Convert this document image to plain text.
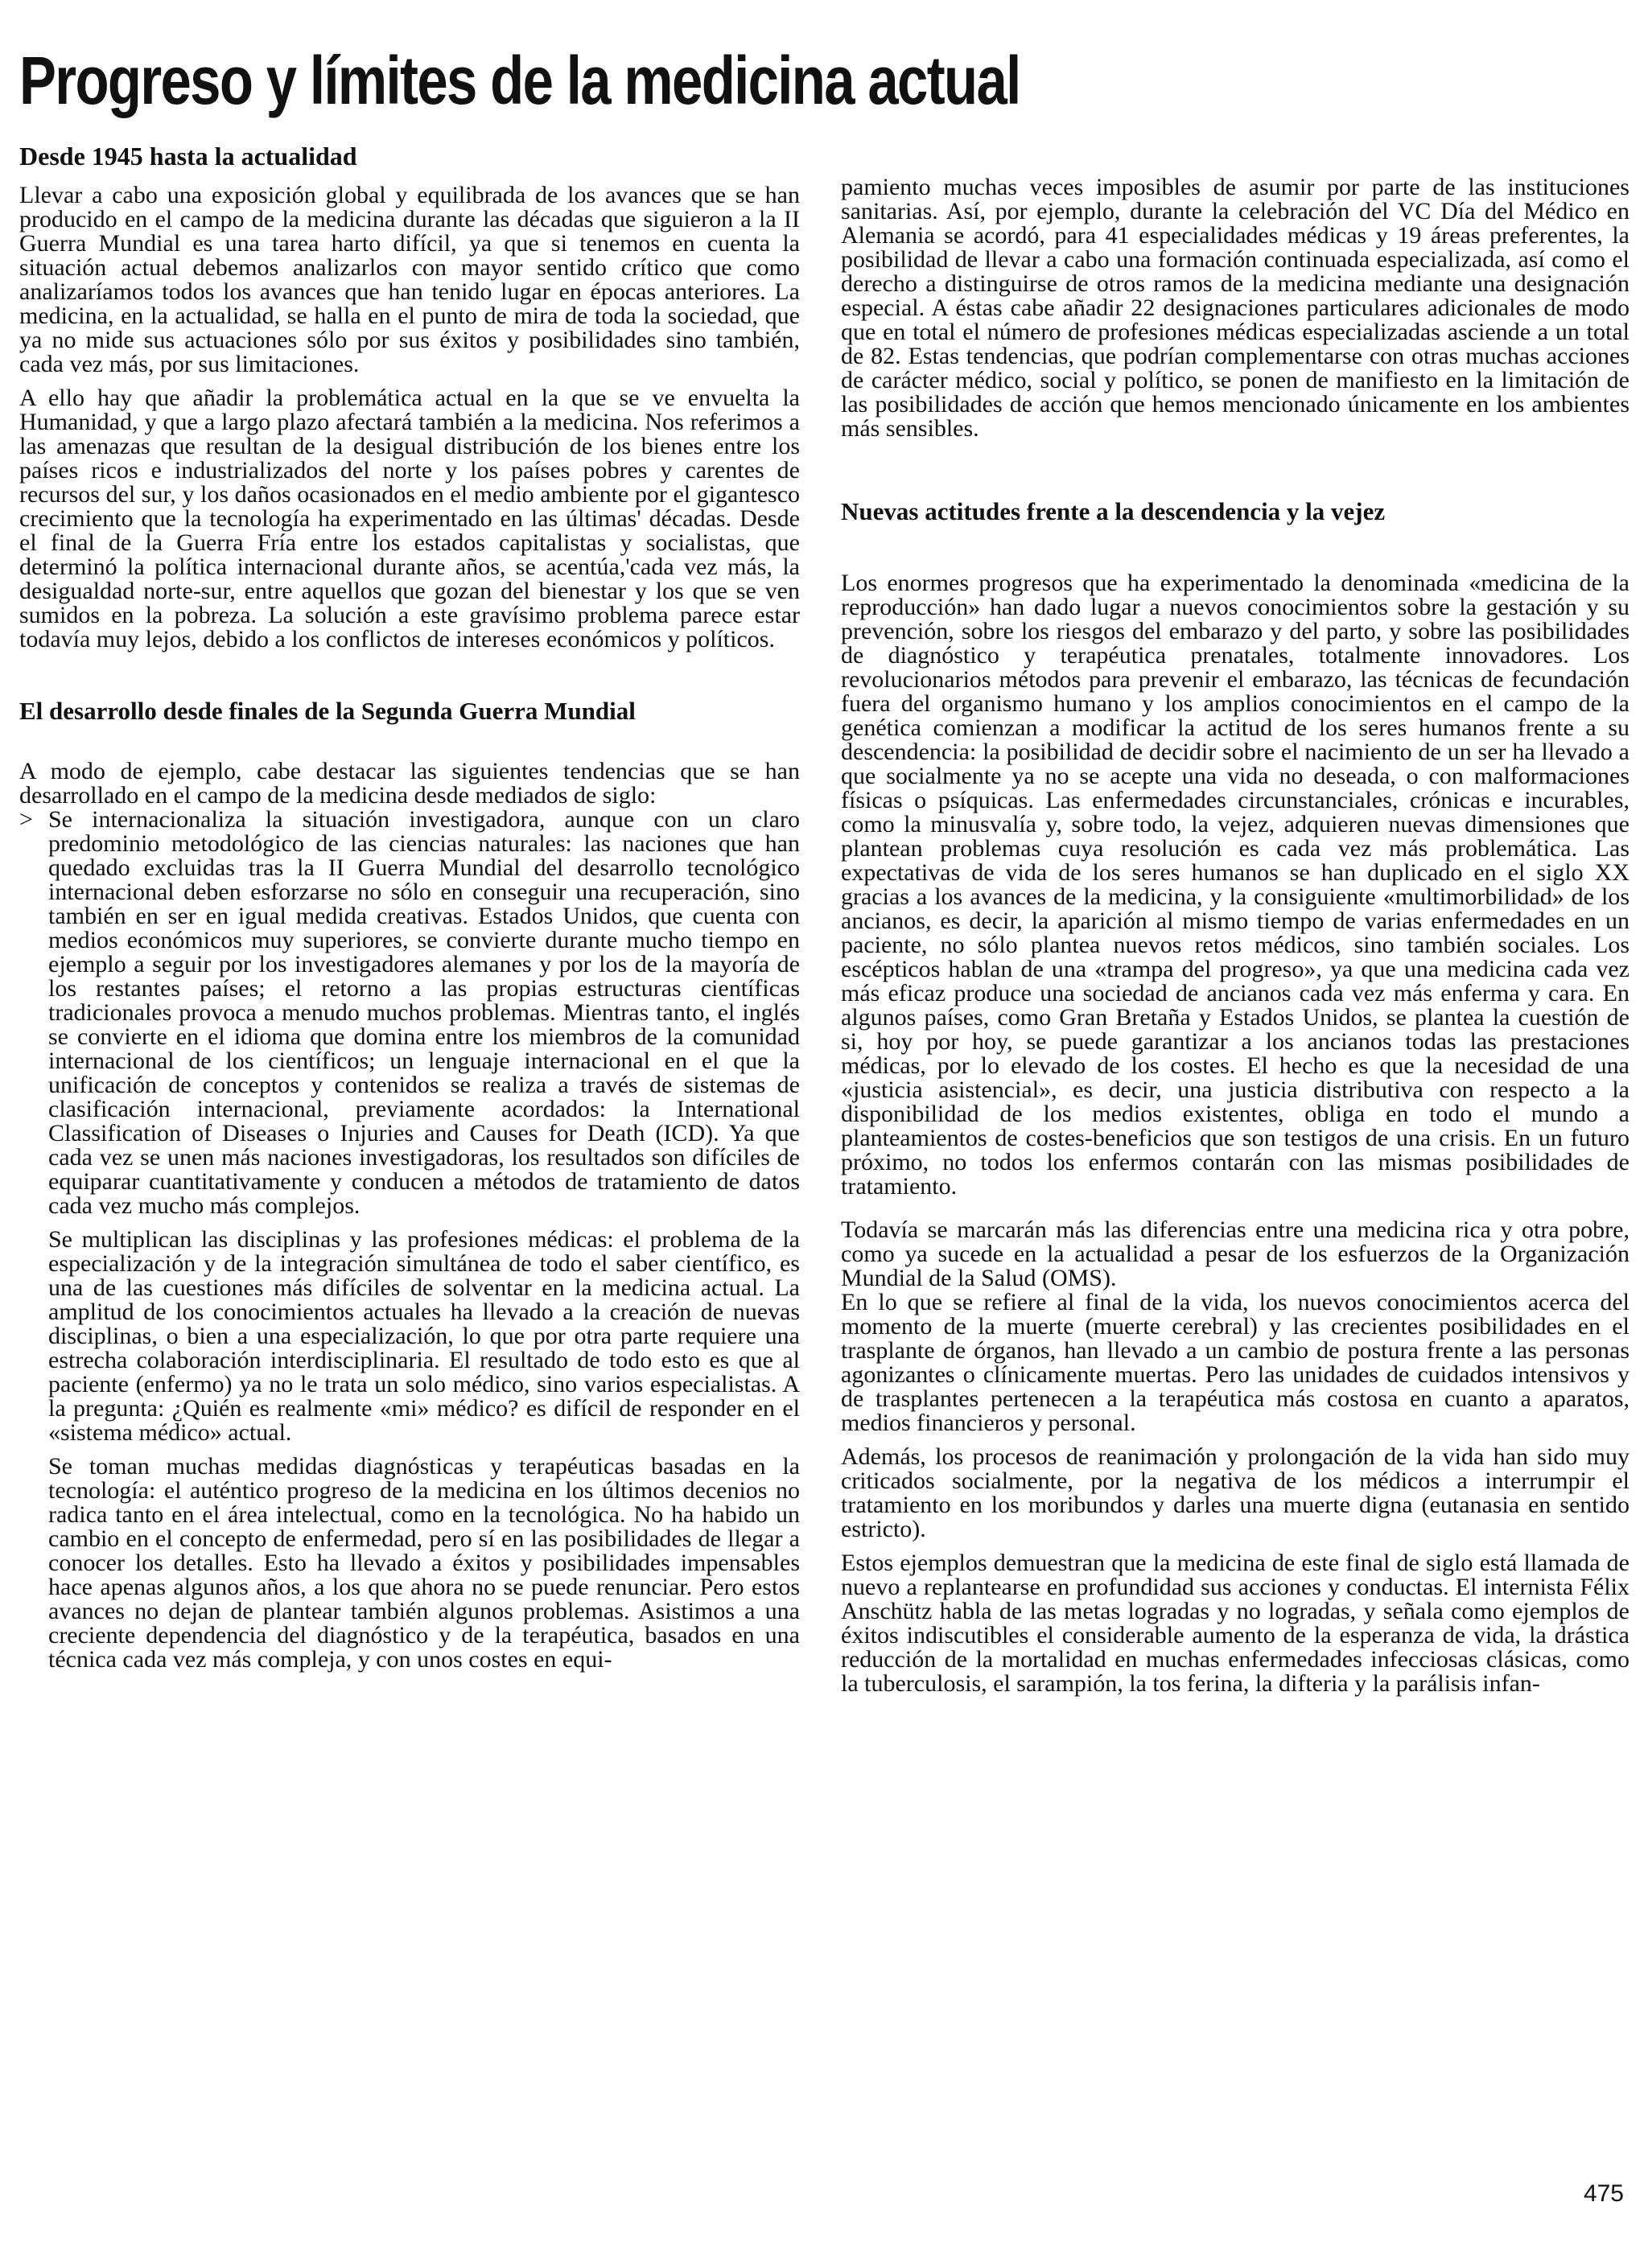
Progreso y límites de la medicina actual
Desde 1945 hasta la actualidad

Llevar a cabo una exposición global y equilibrada de los avances que se han producido en el campo de la medicina durante las décadas que siguieron a la II Guerra Mundial es una tarea harto difícil, ya que si tenemos en cuenta la situación actual debemos analizarlos con mayor sentido crítico que como analizaríamos todos los avances que han tenido lugar en épocas anteriores. La medicina, en la actualidad, se halla en el punto de mira de toda la sociedad, que ya no mide sus actuaciones sólo por sus éxitos y posibilidades sino también, cada vez más, por sus limitaciones.

A ello hay que añadir la problemática actual en la que se ve envuelta la Humanidad, y que a largo plazo afectará también a la medicina. Nos referimos a las amenazas que resultan de la desigual distribución de los bienes entre los países ricos e industrializados del norte y los países pobres y carentes de recursos del sur, y los daños ocasionados en el medio ambiente por el gigantesco crecimiento que la tecnología ha experimentado en las últimas' décadas. Desde el final de la Guerra Fría entre los estados capitalistas y socialistas, que determinó la política internacional durante años, se acentúa,'cada vez más, la desigualdad norte-sur, entre aquellos que gozan del bienestar y los que se ven sumidos en la pobreza. La solución a este gravísimo problema parece estar todavía muy lejos, debido a los conflictos de intereses económicos y políticos.

El desarrollo desde finales de la Segunda Guerra Mundial

A modo de ejemplo, cabe destacar las siguientes tendencias que se han desarrollado en el campo de la medicina desde mediados de siglo:

> Se internacionaliza la situación investigadora, aunque con un claro predominio metodológico de las ciencias naturales: las naciones que han quedado excluidas tras la II Guerra Mundial del desarrollo tecnológico internacional deben esforzarse no sólo en conseguir una recuperación, sino también en ser en igual medida creativas. Estados Unidos, que cuenta con medios económicos muy superiores, se convierte durante mucho tiempo en ejemplo a seguir por los investigadores alemanes y por los de la mayoría de los restantes países; el retorno a las propias estructuras científicas tradicionales provoca a menudo muchos problemas. Mientras tanto, el inglés se convierte en el idioma que domina entre los miembros de la comunidad internacional de los científicos; un lenguaje internacional en el que la unificación de conceptos y contenidos se realiza a través de sistemas de clasificación internacional, previamente acordados: la International Classification of Diseases o Injuries and Causes for Death (ICD). Ya que cada vez se unen más naciones investigadoras, los resultados son difíciles de equiparar cuantitativamente y conducen a métodos de tratamiento de datos cada vez mucho más complejos.

Se multiplican las disciplinas y las profesiones médicas: el problema de la especialización y de la integración simultánea de todo el saber científico, es una de las cuestiones más difíciles de solventar en la medicina actual. La amplitud de los conocimientos actuales ha llevado a la creación de nuevas disciplinas, o bien a una especialización, lo que por otra parte requiere una estrecha colaboración interdisciplinaria. El resultado de todo esto es que al paciente (enfermo) ya no le trata un solo médico, sino varios especialistas. A la pregunta: ¿Quién es realmente «mi» médico? es difícil de responder en el «sistema médico» actual.

Se toman muchas medidas diagnósticas y terapéuticas basadas en la tecnología: el auténtico progreso de la medicina en los últimos decenios no radica tanto en el área intelectual, como en la tecnológica. No ha habido un cambio en el concepto de enfermedad, pero sí en las posibilidades de llegar a conocer los detalles. Esto ha llevado a éxitos y posibilidades impensables hace apenas algunos años, a los que ahora no se puede renunciar. Pero estos avances no dejan de plantear también algunos problemas. Asistimos a una creciente dependencia del diagnóstico y de la terapéutica, basados en una técnica cada vez más compleja, y con unos costes en equi-

pamiento muchas veces imposibles de asumir por parte de las instituciones sanitarias. Así, por ejemplo, durante la celebración del VC Día del Médico en Alemania se acordó, para 41 especialidades médicas y 19 áreas preferentes, la posibilidad de llevar a cabo una formación continuada especializada, así como el derecho a distinguirse de otros ramos de la medicina mediante una designación especial. A éstas cabe añadir 22 designaciones particulares adicionales de modo que en total el número de profesiones médicas especializadas asciende a un total de 82. Estas tendencias, que podrían complementarse con otras muchas acciones de carácter médico, social y político, se ponen de manifiesto en la limitación de las posibilidades de acción que hemos mencionado únicamente en los ambientes más sensibles.

Nuevas actitudes frente a la descendencia y la vejez

Los enormes progresos que ha experimentado la denominada «medicina de la reproducción» han dado lugar a nuevos conocimientos sobre la gestación y su prevención, sobre los riesgos del embarazo y del parto, y sobre las posibilidades de diagnóstico y terapéutica prenatales, totalmente innovadores. Los revolucionarios métodos para prevenir el embarazo, las técnicas de fecundación fuera del organismo humano y los amplios conocimientos en el campo de la genética comienzan a modificar la actitud de los seres humanos frente a su descendencia: la posibilidad de decidir sobre el nacimiento de un ser ha llevado a que socialmente ya no se acepte una vida no deseada, o con malformaciones físicas o psíquicas. Las enfermedades circunstanciales, crónicas e incurables, como la minusvalía y, sobre todo, la vejez, adquieren nuevas dimensiones que plantean problemas cuya resolución es cada vez más problemática. Las expectativas de vida de los seres humanos se han duplicado en el siglo XX gracias a los avances de la medicina, y la consiguiente «multimorbilidad» de los ancianos, es decir, la aparición al mismo tiempo de varias enfermedades en un paciente, no sólo plantea nuevos retos médicos, sino también sociales. Los escépticos hablan de una «trampa del progreso», ya que una medicina cada vez más eficaz produce una sociedad de ancianos cada vez más enferma y cara. En algunos países, como Gran Bretaña y Estados Unidos, se plantea la cuestión de si, hoy por hoy, se puede garantizar a los ancianos todas las prestaciones médicas, por lo elevado de los costes. El hecho es que la necesidad de una «justicia asistencial», es decir, una justicia distributiva con respecto a la disponibilidad de los medios existentes, obliga en todo el mundo a planteamientos de costes-beneficios que son testigos de una crisis. En un futuro próximo, no todos los enfermos contarán con las mismas posibilidades de tratamiento.

Todavía se marcarán más las diferencias entre una medicina rica y otra pobre, como ya sucede en la actualidad a pesar de los esfuerzos de la Organización Mundial de la Salud (OMS).

En lo que se refiere al final de la vida, los nuevos conocimientos acerca del momento de la muerte (muerte cerebral) y las crecientes posibilidades en el trasplante de órganos, han llevado a un cambio de postura frente a las personas agonizantes o clínicamente muertas. Pero las unidades de cuidados intensivos y de trasplantes pertenecen a la terapéutica más costosa en cuanto a aparatos, medios financieros y personal.

Además, los procesos de reanimación y prolongación de la vida han sido muy criticados socialmente, por la negativa de los médicos a interrumpir el tratamiento en los moribundos y darles una muerte digna (eutanasia en sentido estricto).

Estos ejemplos demuestran que la medicina de este final de siglo está llamada de nuevo a replantearse en profundidad sus acciones y conductas. El internista Félix Anschütz habla de las metas logradas y no logradas, y señala como ejemplos de éxitos indiscutibles el considerable aumento de la esperanza de vida, la drástica reducción de la mortalidad en muchas enfermedades infecciosas clásicas, como la tuberculosis, el sarampión, la tos ferina, la difteria y la parálisis infan-

475
